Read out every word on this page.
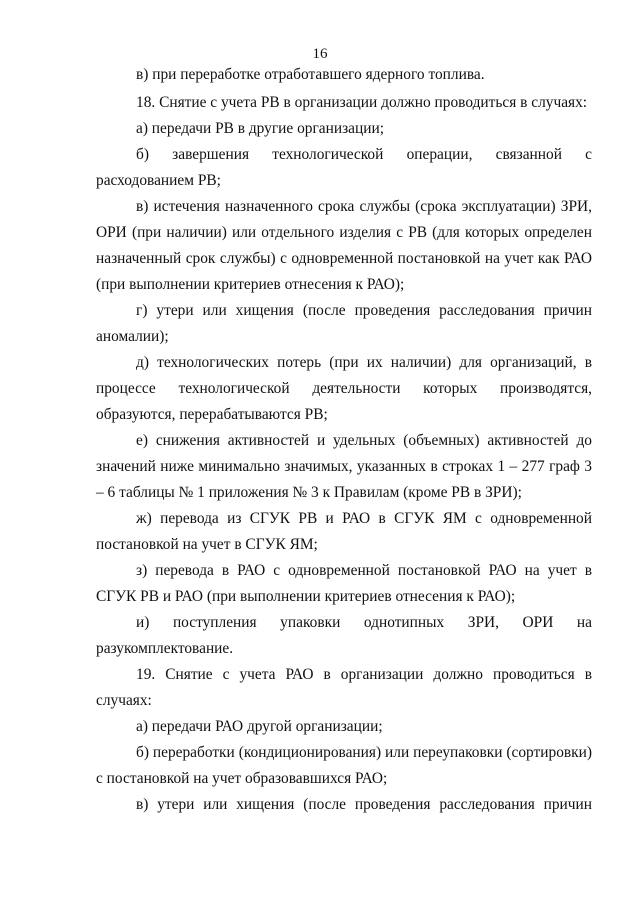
16

в) при переработке отработавшего ядерного топлива.

18. Снятие с учета РВ в организации должно проводиться в случаях:

а) передачи РВ в другие организации;

б) завершения технологической операции, связанной с расходованием РВ;

в) истечения назначенного срока службы (срока эксплуатации) ЗРИ, ОРИ (при наличии) или отдельного изделия с РВ (для которых определен назначенный срок службы) с одновременной постановкой на учет как РАО (при выполнении критериев отнесения к РАО);

г) утери или хищения (после проведения расследования причин аномалии);

д) технологических потерь (при их наличии) для организаций, в процессе технологической деятельности которых производятся, образуются, перерабатываются РВ;

е) снижения активностей и удельных (объемных) активностей до значений ниже минимально значимых, указанных в строках 1 – 277 граф 3 – 6 таблицы № 1 приложения № 3 к Правилам (кроме РВ в ЗРИ);

ж) перевода из СГУК РВ и РАО в СГУК ЯМ с одновременной постановкой на учет в СГУК ЯМ;

з) перевода в РАО с одновременной постановкой РАО на учет в СГУК РВ и РАО (при выполнении критериев отнесения к РАО);

и) поступления упаковки однотипных ЗРИ, ОРИ на разукомплектование.

19. Снятие с учета РАО в организации должно проводиться в случаях:

а) передачи РАО другой организации;

б) переработки (кондиционирования) или переупаковки (сортировки) с постановкой на учет образовавшихся РАО;

в) утери или хищения (после проведения расследования причин
